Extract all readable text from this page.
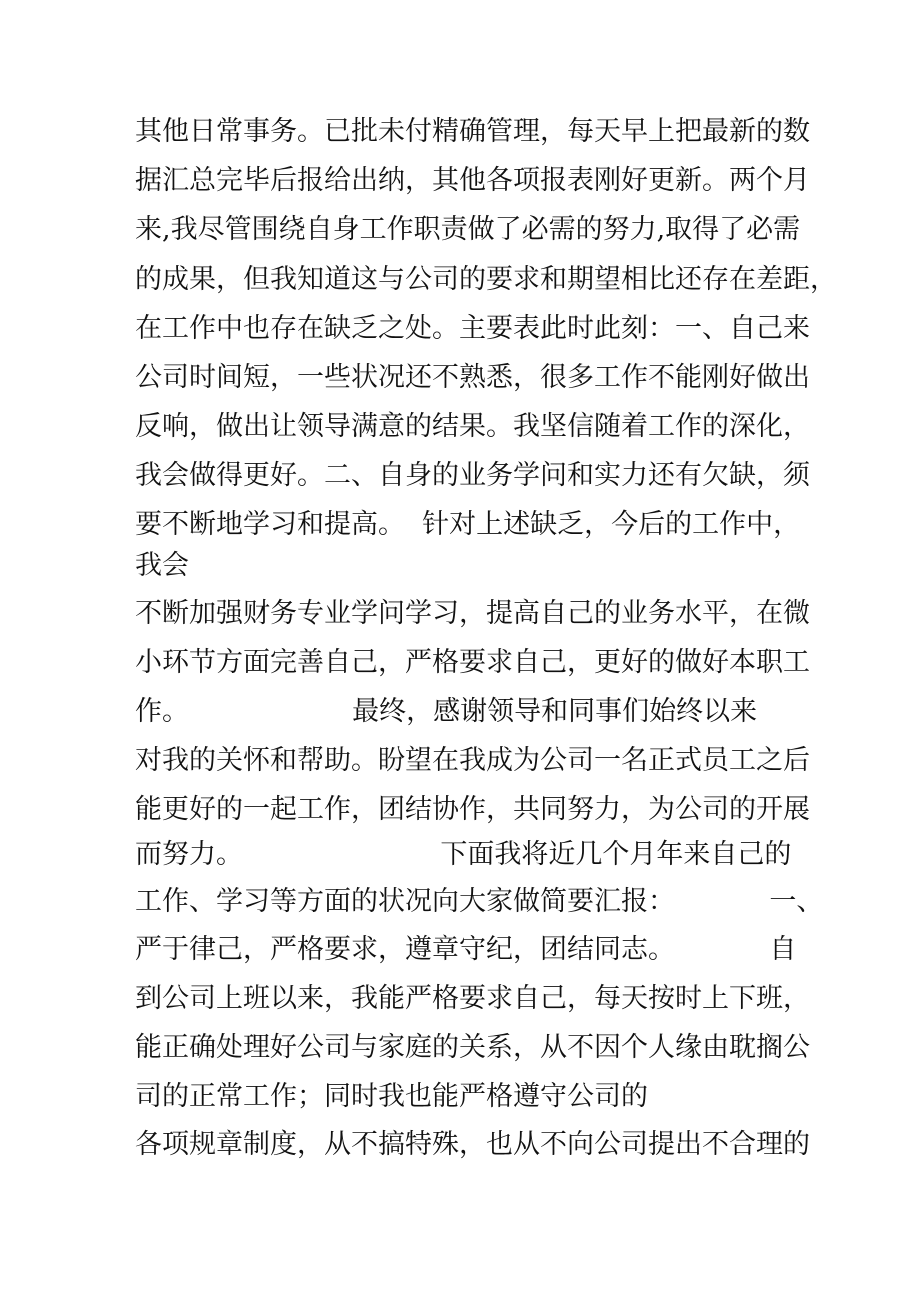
其他日常事务。已批未付精确管理，每天早上把最新的数
据汇总完毕后报给出纳，其他各项报表刚好更新。两个月
来,我尽管围绕自身工作职责做了必需的努力,取得了必需
的成果，但我知道这与公司的要求和期望相比还存在差距，
在工作中也存在缺乏之处。主要表此时此刻：一、自己来
公司时间短，一些状况还不熟悉，很多工作不能刚好做出
反响，做出让领导满意的结果。我坚信随着工作的深化，
我会做得更好。二、自身的业务学问和实力还有欠缺，须
要不断地学习和提高。  针对上述缺乏，今后的工作中，
我会
不断加强财务专业学问学习，提高自己的业务水平，在微
小环节方面完善自己，严格要求自己，更好的做好本职工
作。                   最终，感谢领导和同事们始终以来
对我的关怀和帮助。盼望在我成为公司一名正式员工之后
能更好的一起工作，团结协作，共同努力，为公司的开展
而努力。                       下面我将近几个月年来自己的
工作、学习等方面的状况向大家做简要汇报：           一、
严于律己，严格要求，遵章守纪，团结同志。           自
到公司上班以来，我能严格要求自己，每天按时上下班，
能正确处理好公司与家庭的关系，从不因个人缘由耽搁公
司的正常工作；同时我也能严格遵守公司的
各项规章制度，从不搞特殊，也从不向公司提出不合理的
